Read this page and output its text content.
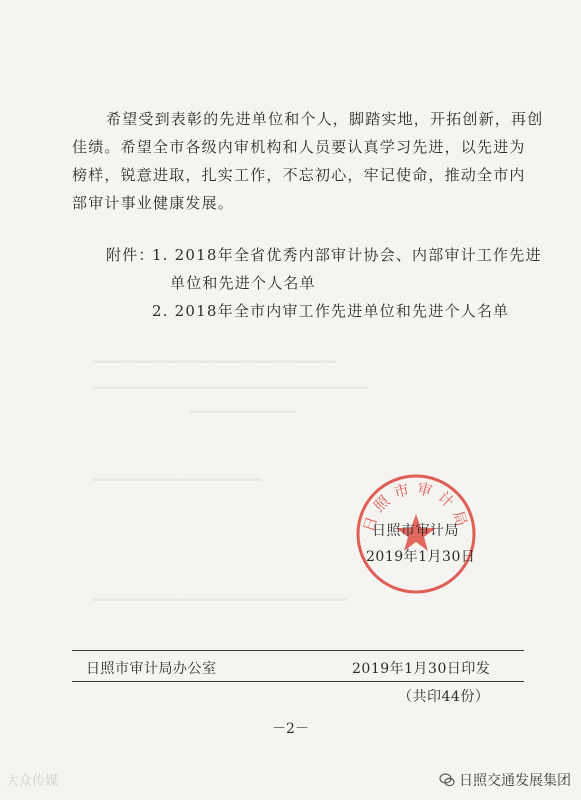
━━━━━━━━━━━━━━━━━━━━━━━
━━━━━━━━━━━━━━━━━━━━━━━━━━
━━━━━━━━━━
希望受到表彰的先进单位和个人，脚踏实地，开拓创新，再创
佳绩。希望全市各级内审机构和人员要认真学习先进，以先进为
榜样，锐意进取，扎实工作，不忘初心，牢记使命，推动全市内
部审计事业健康发展。
附件：
1. 2018年全省优秀内部审计协会、内部审计工作先进
单位和先进个人名单
2. 2018年全市内审工作先进单位和先进个人名单
日照市审计局
日照市审计局
2019年1月30日
━━━━━━━━━━━━━━━━
━━━━━━━━━━━━━━━━━━━━━━━━
日照市审计局办公室	2019年1月30日印发
（共印44份）
－2－
大众传媒	日照交通发展集团
